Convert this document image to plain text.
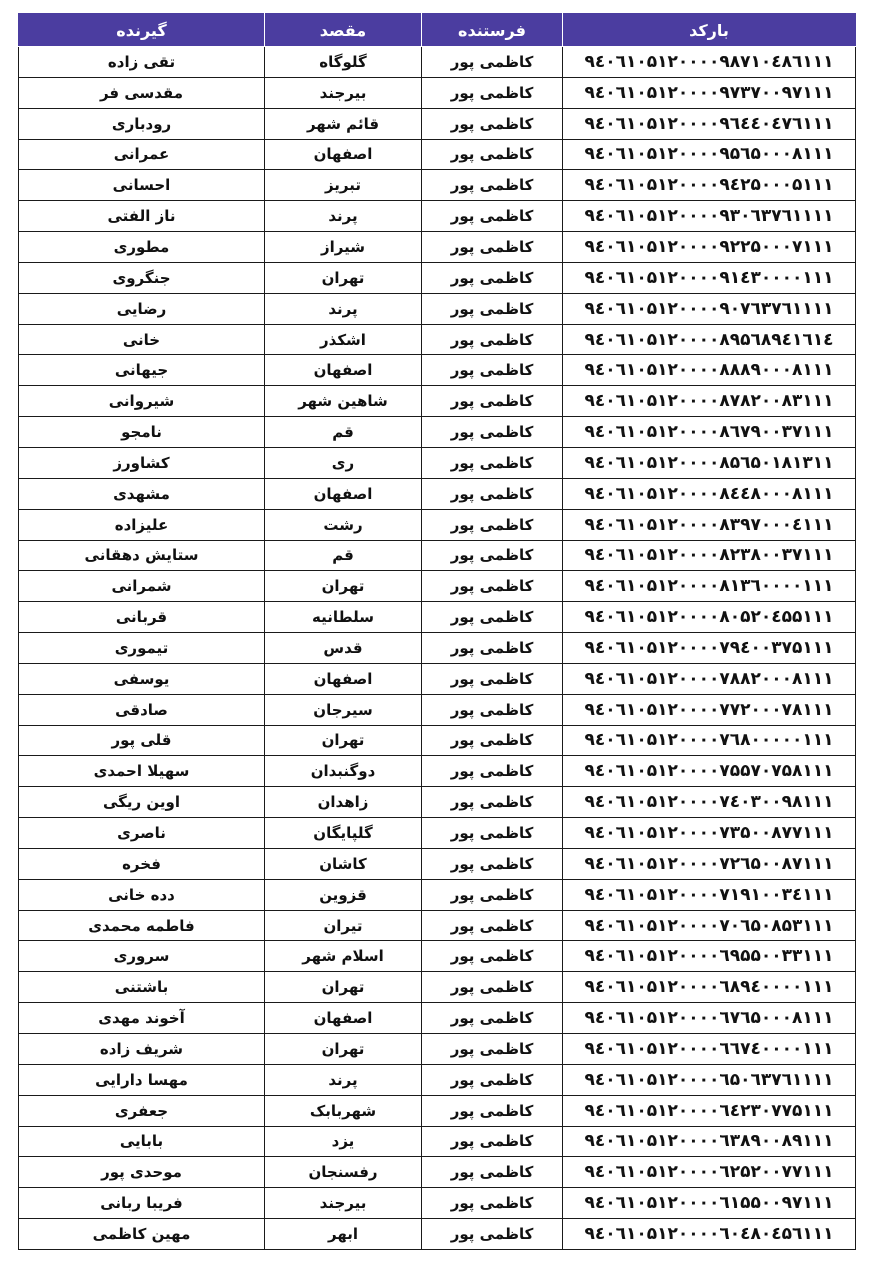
بارکد	فرستنده	مقصد	گیرنده
۹٤۰٦۱۰۵۱۲۰۰۰۰۹۸۷۱۰٤۸٦۱۱۱	کاظمی پور	گلوگاه	تقی زاده
۹٤۰٦۱۰۵۱۲۰۰۰۰۹۷۳۷۰۰۹۷۱۱۱	کاظمی پور	بیرجند	مقدسی فر
۹٤۰٦۱۰۵۱۲۰۰۰۰۹٦٤٤۰٤۷٦۱۱۱	کاظمی پور	قائم شهر	رودباری
۹٤۰٦۱۰۵۱۲۰۰۰۰۹۵٦۵۰۰۰۸۱۱۱	کاظمی پور	اصفهان	عمرانی
۹٤۰٦۱۰۵۱۲۰۰۰۰۹٤۲۵۰۰۰۵۱۱۱	کاظمی پور	تبریز	احسانی
۹٤۰٦۱۰۵۱۲۰۰۰۰۹۳۰٦۳۷٦۱۱۱۱	کاظمی پور	پرند	ناز الفتی
۹٤۰٦۱۰۵۱۲۰۰۰۰۹۲۲۵۰۰۰۷۱۱۱	کاظمی پور	شیراز	مطوری
۹٤۰٦۱۰۵۱۲۰۰۰۰۹۱٤۳۰۰۰۰۱۱۱	کاظمی پور	تهران	جنگروی
۹٤۰٦۱۰۵۱۲۰۰۰۰۹۰۷٦۳۷٦۱۱۱۱	کاظمی پور	پرند	رضایی
۹٤۰٦۱۰۵۱۲۰۰۰۰۸۹۵٦۸۹٤۱٦۱٤	کاظمی پور	اشکذر	خانی
۹٤۰٦۱۰۵۱۲۰۰۰۰۸۸۸۹۰۰۰۸۱۱۱	کاظمی پور	اصفهان	جیهانی
۹٤۰٦۱۰۵۱۲۰۰۰۰۸۷۸۲۰۰۸۳۱۱۱	کاظمی پور	شاهین شهر	شیروانی
۹٤۰٦۱۰۵۱۲۰۰۰۰۸٦۷۹۰۰۳۷۱۱۱	کاظمی پور	قم	نامجو
۹٤۰٦۱۰۵۱۲۰۰۰۰۸۵٦۵۰۱۸۱۳۱۱	کاظمی پور	ری	کشاورز
۹٤۰٦۱۰۵۱۲۰۰۰۰۸٤٤۸۰۰۰۸۱۱۱	کاظمی پور	اصفهان	مشهدی
۹٤۰٦۱۰۵۱۲۰۰۰۰۸۳۹۷۰۰۰٤۱۱۱	کاظمی پور	رشت	علیزاده
۹٤۰٦۱۰۵۱۲۰۰۰۰۸۲۳۸۰۰۳۷۱۱۱	کاظمی پور	قم	ستایش دهقانی
۹٤۰٦۱۰۵۱۲۰۰۰۰۸۱۳٦۰۰۰۰۱۱۱	کاظمی پور	تهران	شمرانی
۹٤۰٦۱۰۵۱۲۰۰۰۰۸۰۵۲۰٤۵۵۱۱۱	کاظمی پور	سلطانیه	قربانی
۹٤۰٦۱۰۵۱۲۰۰۰۰۷۹٤۰۰۳۷۵۱۱۱	کاظمی پور	قدس	تیموری
۹٤۰٦۱۰۵۱۲۰۰۰۰۷۸۸۲۰۰۰۸۱۱۱	کاظمی پور	اصفهان	یوسفی
۹٤۰٦۱۰۵۱۲۰۰۰۰۷۷۲۰۰۰۷۸۱۱۱	کاظمی پور	سیرجان	صادقی
۹٤۰٦۱۰۵۱۲۰۰۰۰۷٦۸۰۰۰۰۰۱۱۱	کاظمی پور	تهران	قلی پور
۹٤۰٦۱۰۵۱۲۰۰۰۰۷۵۵۷۰۷۵۸۱۱۱	کاظمی پور	دوگنبدان	سهیلا احمدی
۹٤۰٦۱۰۵۱۲۰۰۰۰۷٤۰۳۰۰۹۸۱۱۱	کاظمی پور	زاهدان	اوین ریگی
۹٤۰٦۱۰۵۱۲۰۰۰۰۷۳۵۰۰۸۷۷۱۱۱	کاظمی پور	گلپایگان	ناصری
۹٤۰٦۱۰۵۱۲۰۰۰۰۷۲٦۵۰۰۸۷۱۱۱	کاظمی پور	کاشان	فخره
۹٤۰٦۱۰۵۱۲۰۰۰۰۷۱۹۱۰۰۳٤۱۱۱	کاظمی پور	قزوین	دده خانی
۹٤۰٦۱۰۵۱۲۰۰۰۰۷۰٦۵۰۸۵۳۱۱۱	کاظمی پور	تیران	فاطمه محمدی
۹٤۰٦۱۰۵۱۲۰۰۰۰٦۹۵۵۰۰۳۳۱۱۱	کاظمی پور	اسلام شهر	سروری
۹٤۰٦۱۰۵۱۲۰۰۰۰٦۸۹٤۰۰۰۰۱۱۱	کاظمی پور	تهران	باشتنی
۹٤۰٦۱۰۵۱۲۰۰۰۰٦۷٦۵۰۰۰۸۱۱۱	کاظمی پور	اصفهان	آخوند مهدی
۹٤۰٦۱۰۵۱۲۰۰۰۰٦٦۷٤۰۰۰۰۱۱۱	کاظمی پور	تهران	شریف زاده
۹٤۰٦۱۰۵۱۲۰۰۰۰٦۵۰٦۳۷٦۱۱۱۱	کاظمی پور	پرند	مهسا دارایی
۹٤۰٦۱۰۵۱۲۰۰۰۰٦٤۲۳۰۷۷۵۱۱۱	کاظمی پور	شهربابک	جعفری
۹٤۰٦۱۰۵۱۲۰۰۰۰٦۳۸۹۰۰۸۹۱۱۱	کاظمی پور	یزد	بابایی
۹٤۰٦۱۰۵۱۲۰۰۰۰٦۲۵۲۰۰۷۷۱۱۱	کاظمی پور	رفسنجان	موحدی پور
۹٤۰٦۱۰۵۱۲۰۰۰۰٦۱۵۵۰۰۹۷۱۱۱	کاظمی پور	بیرجند	فریبا ربانی
۹٤۰٦۱۰۵۱۲۰۰۰۰٦۰٤۸۰٤۵٦۱۱۱	کاظمی پور	ابهر	مهین کاظمی
